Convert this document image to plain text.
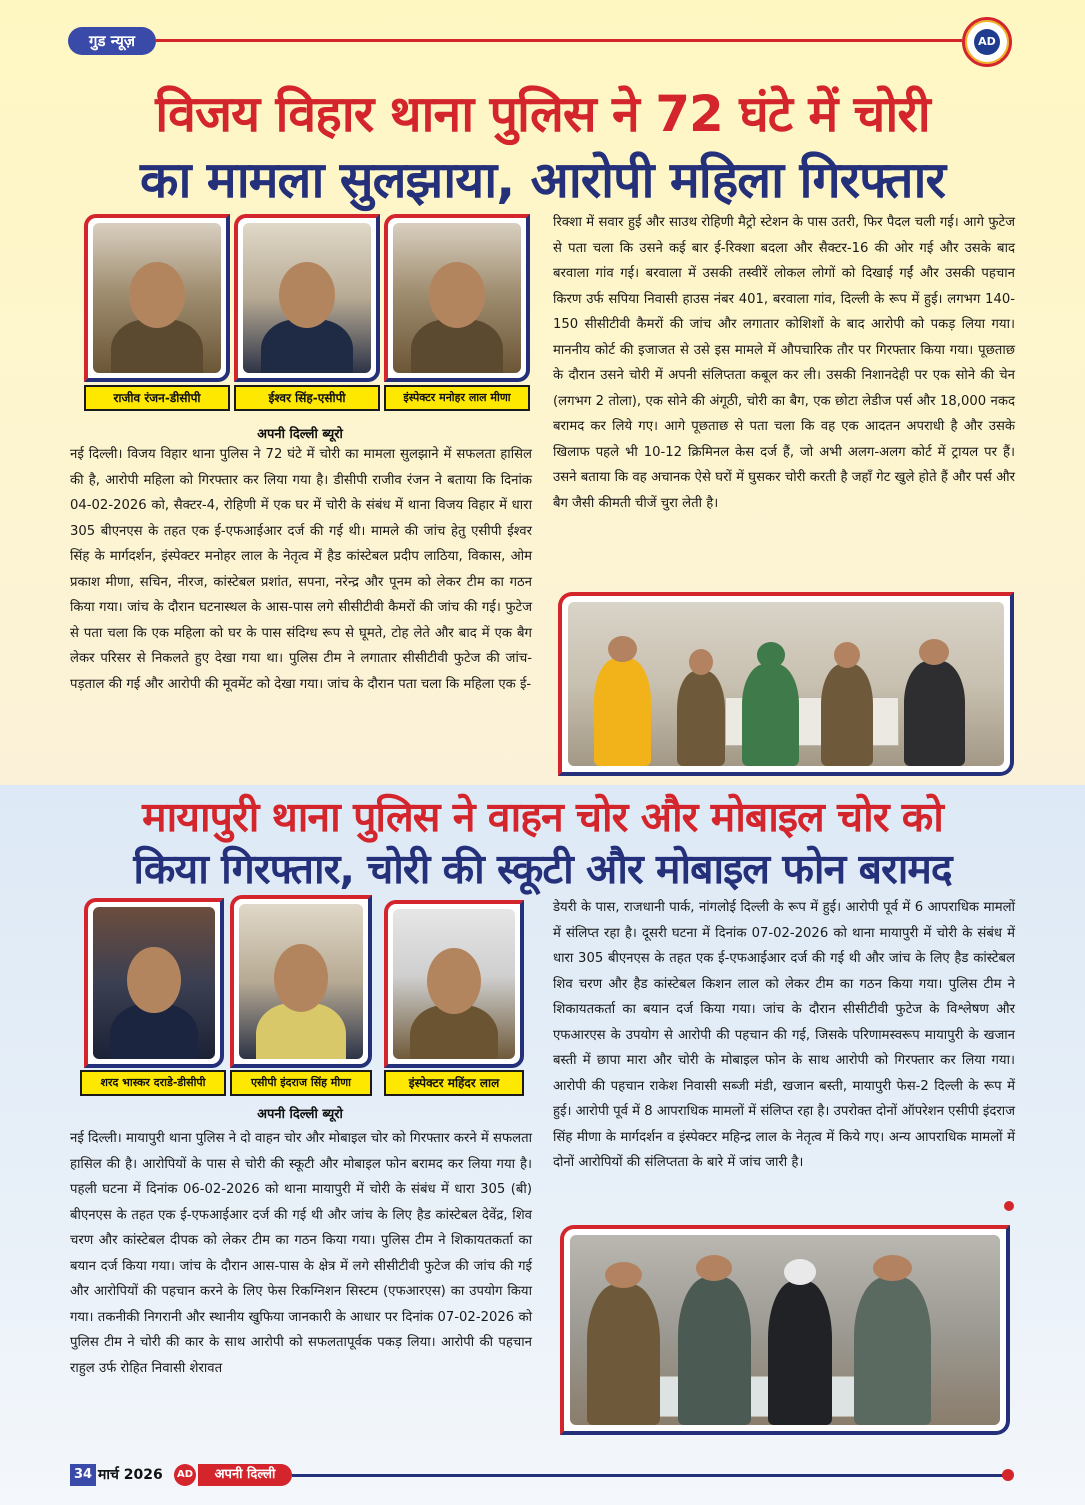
गुड न्यूज़	AD
विजय विहार थाना पुलिस ने 72 घंटे में चोरी
का मामला सुलझाया, आरोपी महिला गिरफ्तार
राजीव रंजन-डीसीपी	ईश्वर सिंह-एसीपी	इंस्पेक्टर मनोहर लाल मीणा
अपनी दिल्ली ब्यूरो
नई दिल्ली। विजय विहार थाना पुलिस ने 72 घंटे में चोरी का मामला सुलझाने में सफलता हासिल की है, आरोपी महिला को गिरफ्तार कर लिया गया है। डीसीपी राजीव रंजन ने बताया कि दिनांक 04-02-2026 को, सैक्टर-4, रोहिणी में एक घर में चोरी के संबंध में थाना विजय विहार में धारा 305 बीएनएस के तहत एक ई-एफआईआर दर्ज की गई थी। मामले की जांच हेतु एसीपी ईश्वर सिंह के मार्गदर्शन, इंस्पेक्टर मनोहर लाल के नेतृत्व में हैड कांस्टेबल प्रदीप लाठिया, विकास, ओम प्रकाश मीणा, सचिन, नीरज, कांस्टेबल प्रशांत, सपना, नरेन्द्र और पूनम को लेकर टीम का गठन किया गया। जांच के दौरान घटनास्थल के आस-पास लगे सीसीटीवी कैमरों की जांच की गई। फुटेज से पता चला कि एक महिला को घर के पास संदिग्ध रूप से घूमते, टोह लेते और बाद में एक बैग लेकर परिसर से निकलते हुए देखा गया था। पुलिस टीम ने लगातार सीसीटीवी फुटेज की जांच-पड़ताल की गई और आरोपी की मूवमेंट को देखा गया। जांच के दौरान पता चला कि महिला एक ई-
रिक्शा में सवार हुई और साउथ रोहिणी मैट्रो स्टेशन के पास उतरी, फिर पैदल चली गई। आगे फुटेज से पता चला कि उसने कई बार ई-रिक्शा बदला और सैक्टर-16 की ओर गई और उसके बाद बरवाला गांव गई। बरवाला में उसकी तस्वीरें लोकल लोगों को दिखाई गईं और उसकी पहचान किरण उर्फ सपिया निवासी हाउस नंबर 401, बरवाला गांव, दिल्ली के रूप में हुई। लगभग 140-150 सीसीटीवी कैमरों की जांच और लगातार कोशिशों के बाद आरोपी को पकड़ लिया गया। माननीय कोर्ट की इजाजत से उसे इस मामले में औपचारिक तौर पर गिरफ्तार किया गया। पूछताछ के दौरान उसने चोरी में अपनी संलिप्तता कबूल कर ली। उसकी निशानदेही पर एक सोने की चेन (लगभग 2 तोला), एक सोने की अंगूठी, चोरी का बैग, एक छोटा लेडीज पर्स और 18,000 नकद बरामद कर लिये गए। आगे पूछताछ से पता चला कि वह एक आदतन अपराधी है और उसके खिलाफ पहले भी 10-12 क्रिमिनल केस दर्ज हैं, जो अभी अलग-अलग कोर्ट में ट्रायल पर हैं। उसने बताया कि वह अचानक ऐसे घरों में घुसकर चोरी करती है जहाँ गेट खुले होते हैं और पर्स और बैग जैसी कीमती चीजें चुरा लेती है।
मायापुरी थाना पुलिस ने वाहन चोर और मोबाइल चोर को
किया गिरफ्तार, चोरी की स्कूटी और मोबाइल फोन बरामद
शरद भास्कर दराडे-डीसीपी	एसीपी इंदराज सिंह मीणा	इंस्पेक्टर महिंदर लाल
अपनी दिल्ली ब्यूरो
नई दिल्ली। मायापुरी थाना पुलिस ने दो वाहन चोर और मोबाइल चोर को गिरफ्तार करने में सफलता हासिल की है। आरोपियों के पास से चोरी की स्कूटी और मोबाइल फोन बरामद कर लिया गया है। पहली घटना में दिनांक 06-02-2026 को थाना मायापुरी में चोरी के संबंध में धारा 305 (बी) बीएनएस के तहत एक ई-एफआईआर दर्ज की गई थी और जांच के लिए हैड कांस्टेबल देवेंद्र, शिव चरण और कांस्टेबल दीपक को लेकर टीम का गठन किया गया। पुलिस टीम ने शिकायतकर्ता का बयान दर्ज किया गया। जांच के दौरान आस-पास के क्षेत्र में लगे सीसीटीवी फुटेज की जांच की गई और आरोपियों की पहचान करने के लिए फेस रिकग्निशन सिस्टम (एफआरएस) का उपयोग किया गया। तकनीकी निगरानी और स्थानीय खुफिया जानकारी के आधार पर दिनांक 07-02-2026 को पुलिस टीम ने चोरी की कार के साथ आरोपी को सफलतापूर्वक पकड़ लिया। आरोपी की पहचान राहुल उर्फ रोहित निवासी शेरावत
डेयरी के पास, राजधानी पार्क, नांगलोई दिल्ली के रूप में हुई। आरोपी पूर्व में 6 आपराधिक मामलों में संलिप्त रहा है। दूसरी घटना में दिनांक 07-02-2026 को थाना मायापुरी में चोरी के संबंध में धारा 305 बीएनएस के तहत एक ई-एफआईआर दर्ज की गई थी और जांच के लिए हैड कांस्टेबल शिव चरण और हैड कांस्टेबल किशन लाल को लेकर टीम का गठन किया गया। पुलिस टीम ने शिकायतकर्ता का बयान दर्ज किया गया। जांच के दौरान सीसीटीवी फुटेज के विश्लेषण और एफआरएस के उपयोग से आरोपी की पहचान की गई, जिसके परिणामस्वरूप मायापुरी के खजान बस्ती में छापा मारा और चोरी के मोबाइल फोन के साथ आरोपी को गिरफ्तार कर लिया गया। आरोपी की पहचान राकेश निवासी सब्जी मंडी, खजान बस्ती, मायापुरी फेस-2 दिल्ली के रूप में हुई। आरोपी पूर्व में 8 आपराधिक मामलों में संलिप्त रहा है। उपरोक्त दोनों ऑपरेशन एसीपी इंदराज सिंह मीणा के मार्गदर्शन व इंस्पेक्टर महिन्द्र लाल के नेतृत्व में किये गए। अन्य आपराधिक मामलों में दोनों आरोपियों की संलिप्तता के बारे में जांच जारी है।
34 मार्च 2026 AD	अपनी दिल्ली
